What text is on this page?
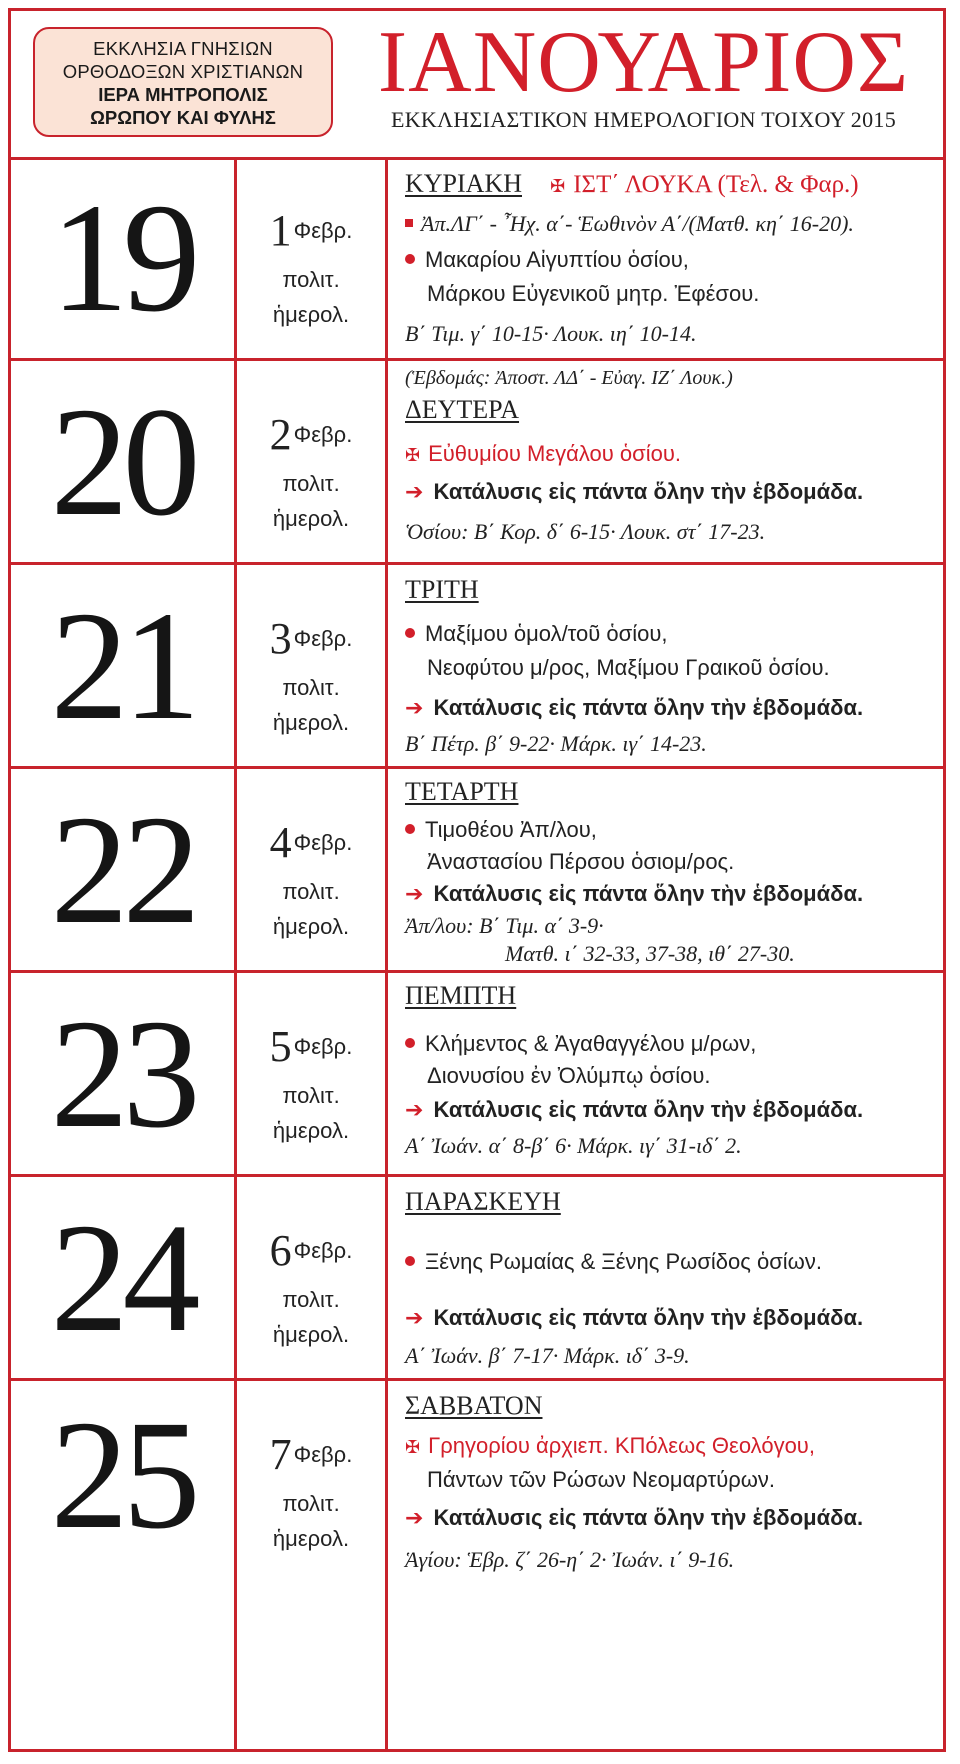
ΕΚΚΛΗΣΙΑ ΓΝΗΣΙΩΝ
ΟΡΘΟΔΟΞΩΝ ΧΡΙΣΤΙΑΝΩΝ
ΙΕΡΑ ΜΗΤΡΟΠΟΛΙΣ
ΩΡΩΠΟΥ ΚΑΙ ΦΥΛΗΣ
ΙΑΝΟΥΑΡΙΟΣ
ΕΚΚΛΗΣΙΑΣΤΙΚΟΝ ΗΜΕΡΟΛΟΓΙΟΝ ΤΟΙΧΟΥ 2015
19	1Φεβρ.
πολιτ.
ἡμερολ.
ΚΥΡΙΑΚΗ ✠ ΙΣΤ΄ ΛΟΥΚΑ (Τελ. & Φαρ.)
Ἀπ.ΛΓ΄ - ῏Ηχ. α΄- Ἑωθινὸν Α΄/(Ματθ. κη΄ 16-20).
Μακαρίου Αἰγυπτίου ὁσίου,
Μάρκου Εὐγενικοῦ μητρ. Ἐφέσου.
Β΄ Τιμ. γ΄ 10-15· Λουκ. ιη΄ 10-14.
20	2Φεβρ.
πολιτ.
ἡμερολ.
(Ἑβδομάς: Ἀποστ. ΛΔ΄ - Εὐαγ. ΙΖ΄ Λουκ.)
ΔΕΥΤΕΡΑ
✠ Εὐθυμίου Μεγάλου ὁσίου.
➔ Κατάλυσις εἰς πάντα ὅλην τὴν ἑβδομάδα.
Ὁσίου: Β΄ Κορ. δ΄ 6-15· Λουκ. στ΄ 17-23.
21	3Φεβρ.
πολιτ.
ἡμερολ.
ΤΡΙΤΗ
Μαξίμου ὁμολ/τοῦ ὁσίου,
Νεοφύτου μ/ρος, Μαξίμου Γραικοῦ ὁσίου.
➔ Κατάλυσις εἰς πάντα ὅλην τὴν ἑβδομάδα.
Β΄ Πέτρ. β΄ 9-22· Μάρκ. ιγ΄ 14-23.
22	4Φεβρ.
πολιτ.
ἡμερολ.
ΤΕΤΑΡΤΗ
Τιμοθέου Ἀπ/λου,
Ἀναστασίου Πέρσου ὁσιομ/ρος.
➔ Κατάλυσις εἰς πάντα ὅλην τὴν ἑβδομάδα.
Ἀπ/λου: Β΄ Τιμ. α΄ 3-9·
Ματθ. ι΄ 32-33, 37-38, ιθ΄ 27-30.
23	5Φεβρ.
πολιτ.
ἡμερολ.
ΠΕΜΠΤΗ
Κλήμεντος & Ἀγαθαγγέλου μ/ρων,
Διονυσίου ἐν Ὀλύμπῳ ὁσίου.
➔ Κατάλυσις εἰς πάντα ὅλην τὴν ἑβδομάδα.
Α΄ Ἰωάν. α΄ 8-β΄ 6· Μάρκ. ιγ΄ 31-ιδ΄ 2.
24	6Φεβρ.
πολιτ.
ἡμερολ.
ΠΑΡΑΣΚΕΥΗ
Ξένης Ρωμαίας & Ξένης Ρωσίδος ὁσίων.
➔ Κατάλυσις εἰς πάντα ὅλην τὴν ἑβδομάδα.
Α΄ Ἰωάν. β΄ 7-17· Μάρκ. ιδ΄ 3-9.
25	7Φεβρ.
πολιτ.
ἡμερολ.
ΣΑΒΒΑΤΟΝ
✠ Γρηγορίου ἀρχιεπ. ΚΠόλεως Θεολόγου,
Πάντων τῶν Ρώσων Νεομαρτύρων.
➔ Κατάλυσις εἰς πάντα ὅλην τὴν ἑβδομάδα.
Ἁγίου: Ἑβρ. ζ΄ 26-η΄ 2· Ἰωάν. ι΄ 9-16.
